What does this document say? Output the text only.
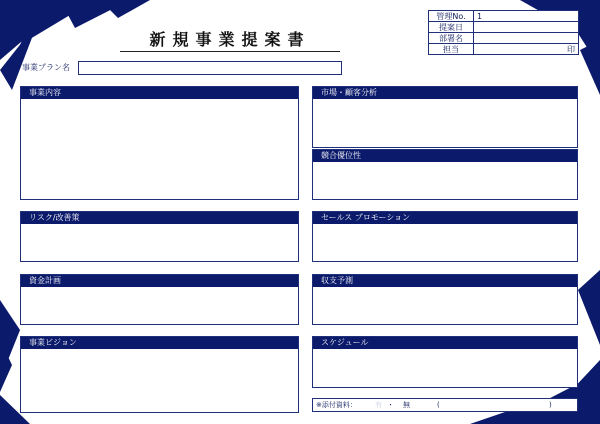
新規事業提案書
管理No.	1
提案日	
部署名	
担当	印
事業プラン名
事業内容
リスク/改善策
資金計画
事業ビジョン
市場・顧客分析
競合優位性
セールス プロモーション
収支予測
スケジュール
※添付資料：	有 ・ 無	(	)
